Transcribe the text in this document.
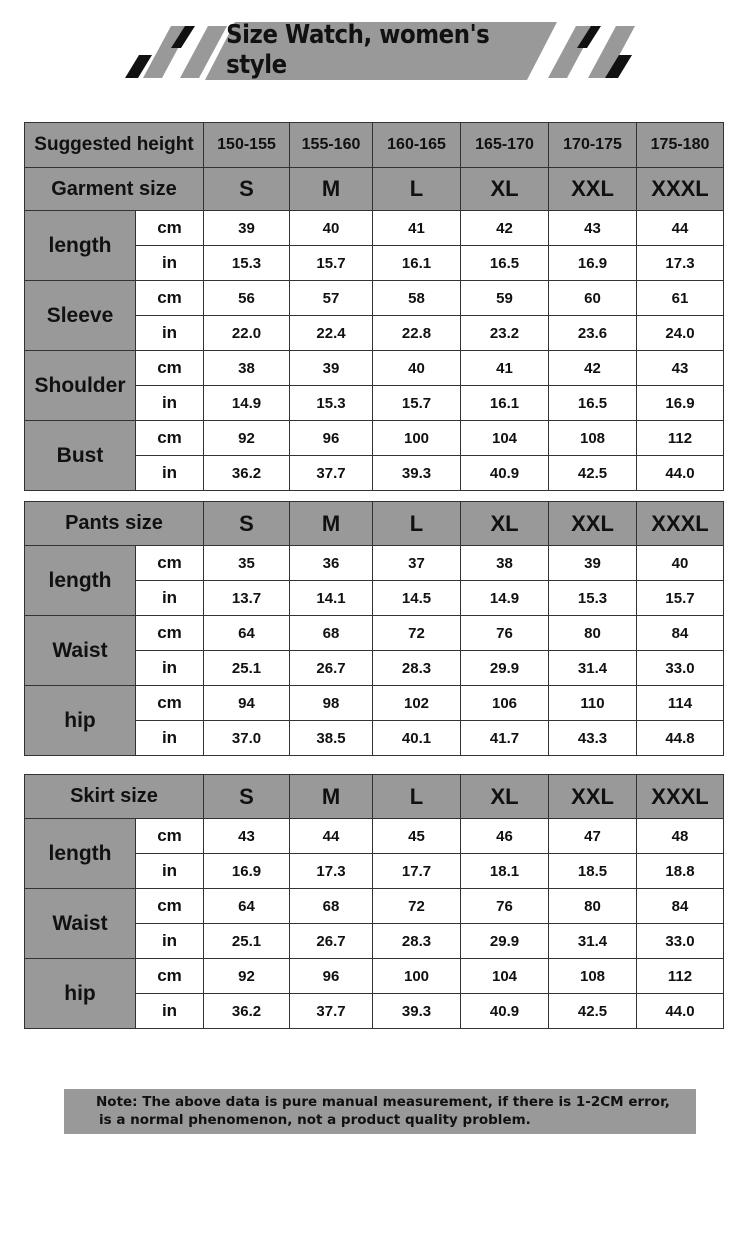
Size Watch, women's style
Suggested height		150-155	155-160	160-165	165-170	170-175	175-180
Garment size		S	M	L	XL	XXL	XXXL
length	cm	39	40	41	42	43	44
	in	15.3	15.7	16.1	16.5	16.9	17.3
Sleeve	cm	56	57	58	59	60	61
	in	22.0	22.4	22.8	23.2	23.6	24.0
Shoulder	cm	38	39	40	41	42	43
	in	14.9	15.3	15.7	16.1	16.5	16.9
Bust	cm	92	96	100	104	108	112
	in	36.2	37.7	39.3	40.9	42.5	44.0
Pants size		S	M	L	XL	XXL	XXXL
length	cm	35	36	37	38	39	40
	in	13.7	14.1	14.5	14.9	15.3	15.7
Waist	cm	64	68	72	76	80	84
	in	25.1	26.7	28.3	29.9	31.4	33.0
hip	cm	94	98	102	106	110	114
	in	37.0	38.5	40.1	41.7	43.3	44.8
Skirt size		S	M	L	XL	XXL	XXXL
length	cm	43	44	45	46	47	48
	in	16.9	17.3	17.7	18.1	18.5	18.8
Waist	cm	64	68	72	76	80	84
	in	25.1	26.7	28.3	29.9	31.4	33.0
hip	cm	92	96	100	104	108	112
	in	36.2	37.7	39.3	40.9	42.5	44.0

Note: The above data is pure manual measurement, if there is 1-2CM error,

is a normal phenomenon, not a product quality problem.
